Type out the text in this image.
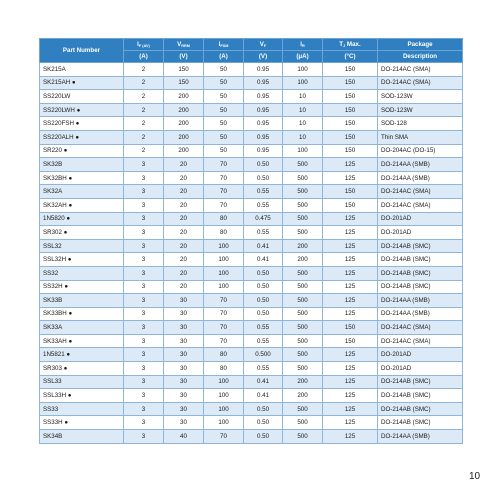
Part Number	$I_{F (AV)}$	$V_{RRM}$	$I_{FSM}$	$V_F$	$I_R$	$T_J$ Max.	Package
	(A)	(V)	(A)	(V)	(μA)	(°C)	Description
SK215A	2	150	50	0.95	100	150	DO-214AC (SMA)
SK215AH ●	2	150	50	0.95	100	150	DO-214AC (SMA)
SS220LW	2	200	50	0.95	10	150	SOD-123W
SS220LWH ●	2	200	50	0.95	10	150	SOD-123W
SS220FSH ●	2	200	50	0.95	10	150	SOD-128
SS220ALH ●	2	200	50	0.95	10	150	Thin SMA
SR220 ●	2	200	50	0.95	100	150	DO-204AC (DO-15)
SK32B	3	20	70	0.50	500	125	DO-214AA (SMB)
SK32BH ●	3	20	70	0.50	500	125	DO-214AA (SMB)
SK32A	3	20	70	0.55	500	150	DO-214AC (SMA)
SK32AH ●	3	20	70	0.55	500	150	DO-214AC (SMA)
1N5820 ●	3	20	80	0.475	500	125	DO-201AD
SR302 ●	3	20	80	0.55	500	125	DO-201AD
SSL32	3	20	100	0.41	200	125	DO-214AB (SMC)
SSL32H ●	3	20	100	0.41	200	125	DO-214AB (SMC)
SS32	3	20	100	0.50	500	125	DO-214AB (SMC)
SS32H ●	3	20	100	0.50	500	125	DO-214AB (SMC)
SK33B	3	30	70	0.50	500	125	DO-214AA (SMB)
SK33BH ●	3	30	70	0.50	500	125	DO-214AA (SMB)
SK33A	3	30	70	0.55	500	150	DO-214AC (SMA)
SK33AH ●	3	30	70	0.55	500	150	DO-214AC (SMA)
1N5821 ●	3	30	80	0.500	500	125	DO-201AD
SR303 ●	3	30	80	0.55	500	125	DO-201AD
SSL33	3	30	100	0.41	200	125	DO-214AB (SMC)
SSL33H ●	3	30	100	0.41	200	125	DO-214AB (SMC)
SS33	3	30	100	0.50	500	125	DO-214AB (SMC)
SS33H ●	3	30	100	0.50	500	125	DO-214AB (SMC)
SK34B	3	40	70	0.50	500	125	DO-214AA (SMB)
10
